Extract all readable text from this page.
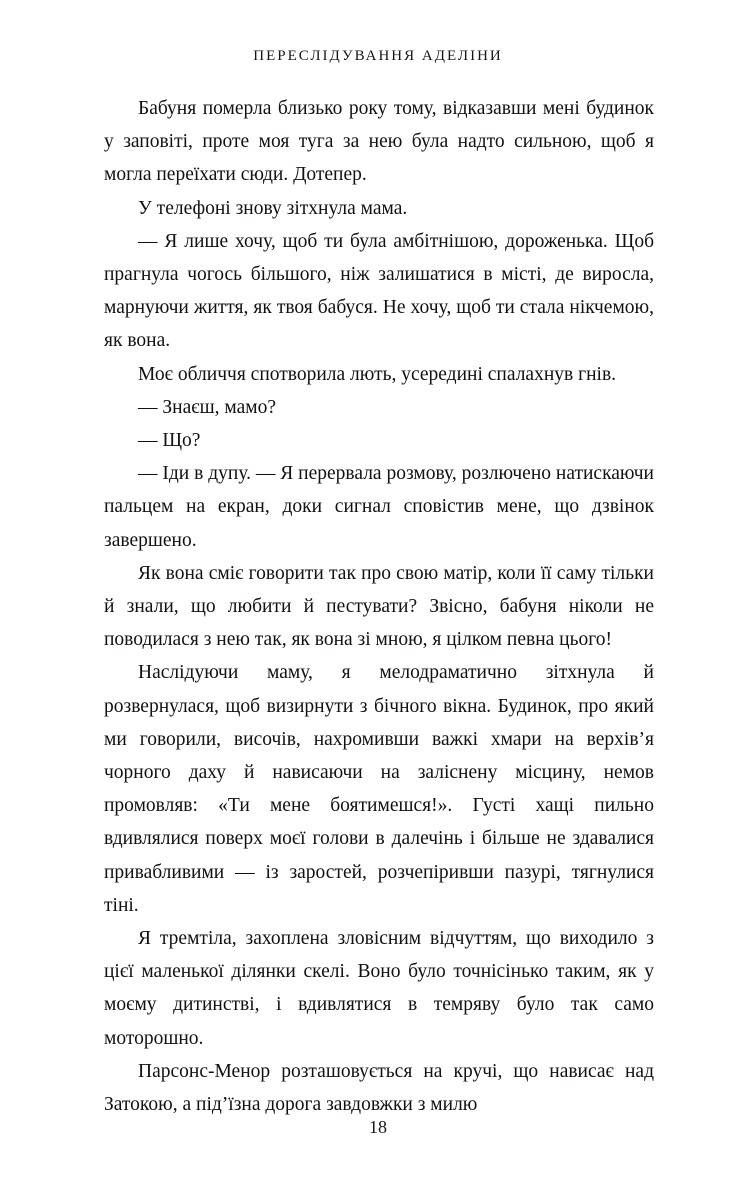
ПЕРЕСЛІДУВАННЯ АДЕЛІНИ

Бабуня померла близько року тому, відказавши мені будинок у заповіті, проте моя туга за нею була надто сильною, щоб я могла переїхати сюди. Дотепер.

У телефоні знову зітхнула мама.

— Я лише хочу, щоб ти була амбітнішою, дороженька. Щоб прагнула чогось більшого, ніж залишатися в місті, де виросла, марнуючи життя, як твоя бабуся. Не хочу, щоб ти стала нікчемою, як вона.

Моє обличчя спотворила лють, усередині спалахнув гнів.

— Знаєш, мамо?

— Що?

— Іди в дупу. — Я перервала розмову, розлючено натискаючи пальцем на екран, доки сигнал сповістив мене, що дзвінок завершено.

Як вона сміє говорити так про свою матір, коли її саму тільки й знали, що любити й пестувати? Звісно, бабуня ніколи не поводилася з нею так, як вона зі мною, я цілком певна цього!

Наслідуючи маму, я мелодраматично зітхнула й розвернулася, щоб визирнути з бічного вікна. Будинок, про який ми говорили, височів, нахромивши важкі хмари на верхів’я чорного даху й нависаючи на заліснену місцину, немов промовляв: «Ти мене боятимешся!». Густі хащі пильно вдивлялися поверх моєї голови в далечінь і більше не здавалися привабливими — із заростей, розчепіривши пазурі, тягнулися тіні.

Я тремтіла, захоплена зловісним відчуттям, що виходило з цієї маленької ділянки скелі. Воно було точнісінько таким, як у моєму дитинстві, і вдивлятися в темряву було так само моторошно.

Парсонс-Менор розташовується на кручі, що нависає над Затокою, а під’їзна дорога завдовжки з милю

18
